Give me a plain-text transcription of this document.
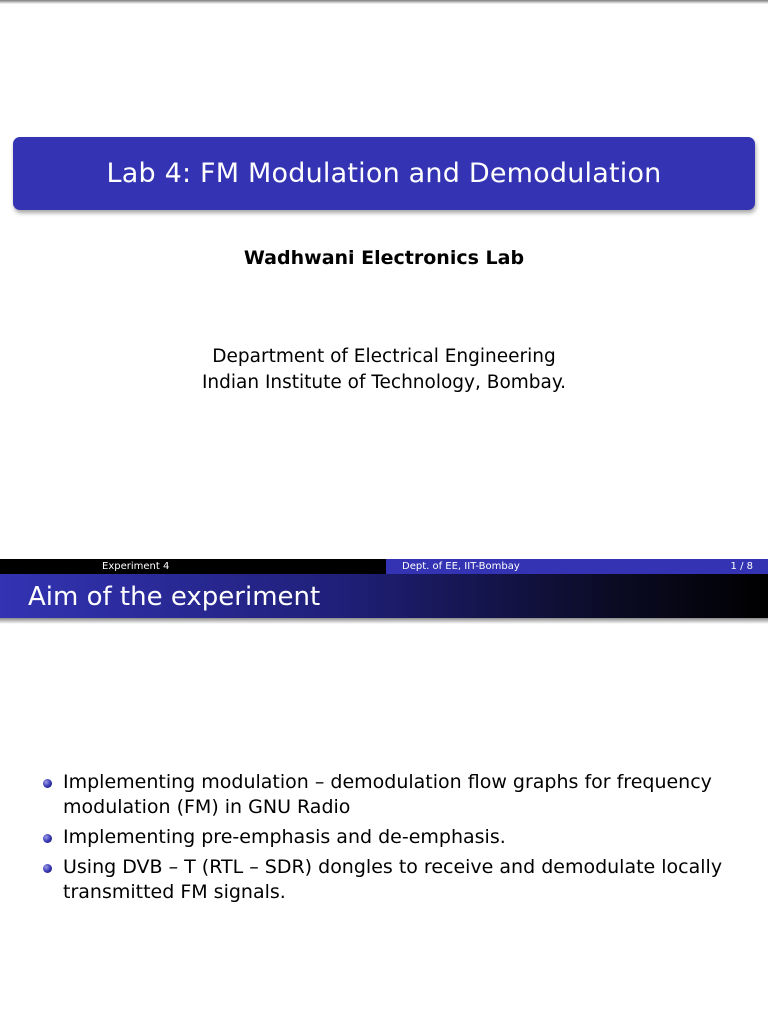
Lab 4: FM Modulation and Demodulation
Wadhwani Electronics Lab
Department of Electrical Engineering
Indian Institute of Technology, Bombay.
Experiment 4	Dept. of EE, IIT-Bombay	1 / 8
Aim of the experiment
Implementing modulation – demodulation flow graphs for frequency modulation (FM) in GNU Radio
Implementing pre-emphasis and de-emphasis.
Using DVB – T (RTL – SDR) dongles to receive and demodulate locally transmitted FM signals.
